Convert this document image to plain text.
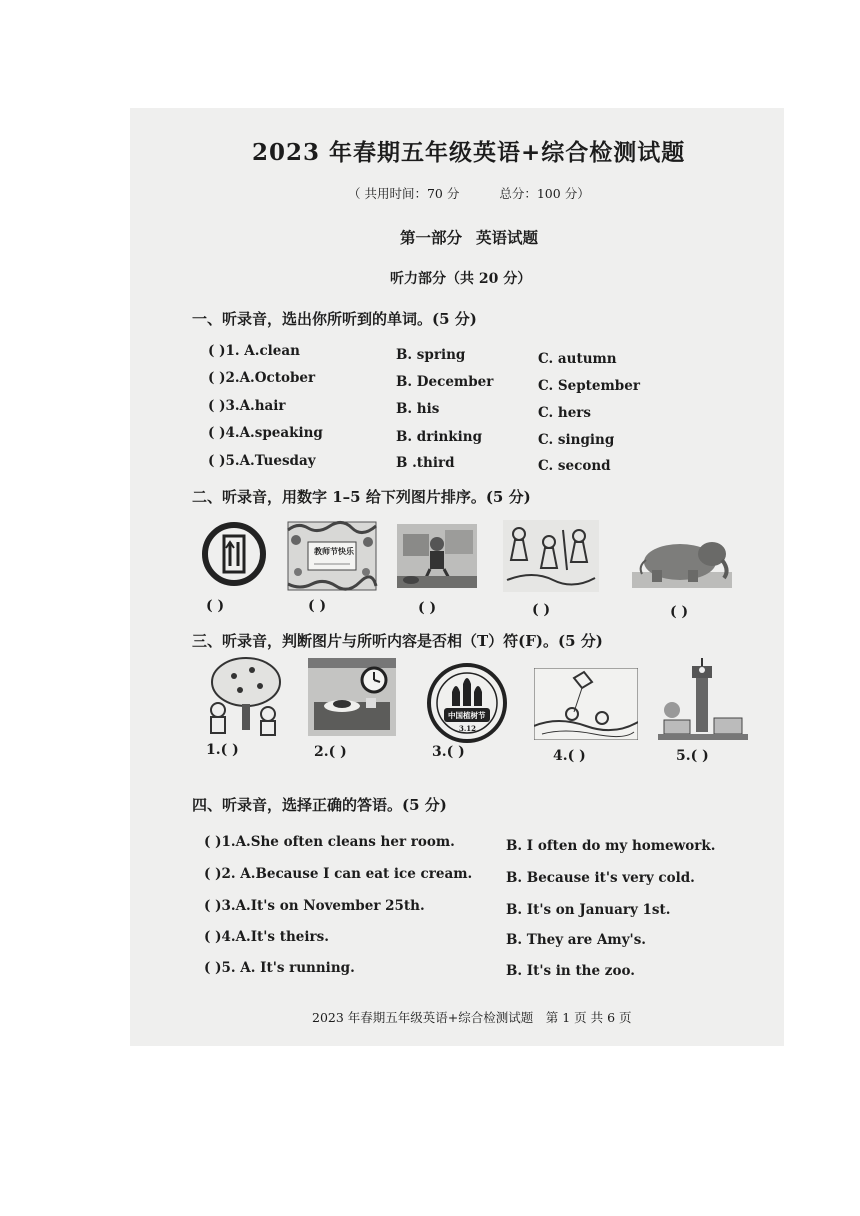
2023 年春期五年级英语+综合检测试题
（ 共用时间：70 分	总分：100 分）
第一部分 英语试题
听力部分（共 20 分）
一、听录音，选出你所听到的单词。(5 分)
( )1. A.clean	B. spring	C. autumn
( )2.A.October	B. December	C. September
( )3.A.hair	B. his	C. hers
( )4.A.speaking	B. drinking	C. singing
( )5.A.Tuesday	B .third	C. second
二、听录音，用数字 1–5 给下列图片排序。(5 分)
教师节快乐
( )	( )	( )	( )	( )
三、听录音，判断图片与所听内容是否相（T）符(F)。(5 分)
中国植树节
3.12
1.( )	2.( )	3.( )	4.( )	5.( )
四、听录音，选择正确的答语。(5 分)
( )1.A.She often cleans her room.	B. I often do my homework.
( )2. A.Because I can eat ice cream.	B. Because it's very cold.
( )3.A.It's on November 25th.	B. It's on January 1st.
( )4.A.It's theirs.	B. They are Amy's.
( )5. A. It's running.	B. It's in the zoo.
2023 年春期五年级英语+综合检测试题　第 1 页 共 6 页
